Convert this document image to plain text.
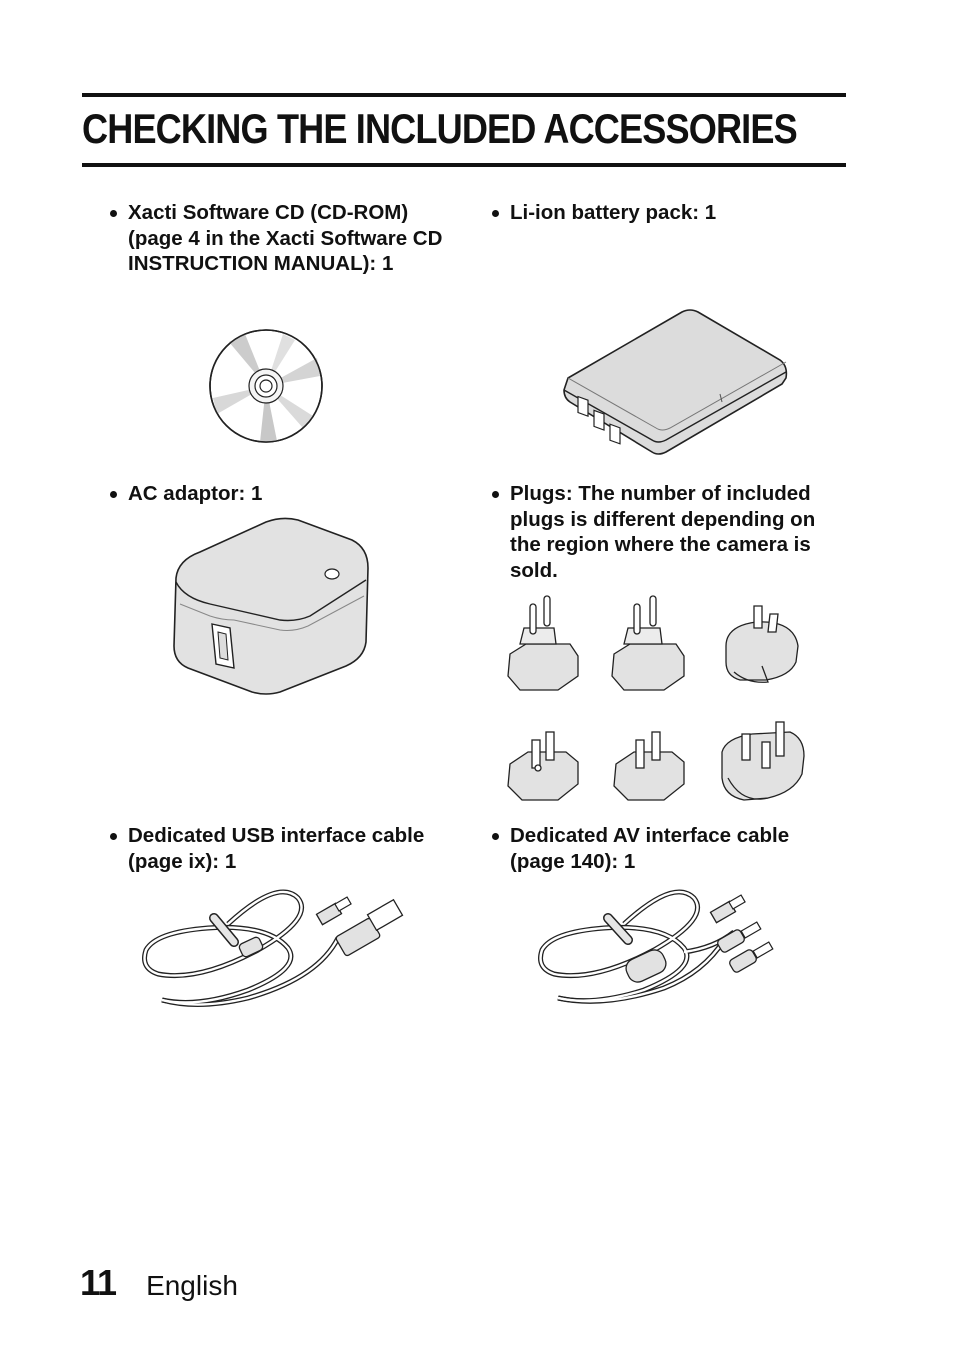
CHECKING THE INCLUDED ACCESSORIES
Xacti Software CD (CD-ROM) (page 4 in the Xacti Software CD INSTRUCTION MANUAL): 1
Li-ion battery pack: 1
AC adaptor: 1	Plugs: The number of included plugs is different depending on the region where the camera is sold.
Dedicated USB interface cable (page ix): 1
Dedicated AV interface cable (page 140): 1
11 English
